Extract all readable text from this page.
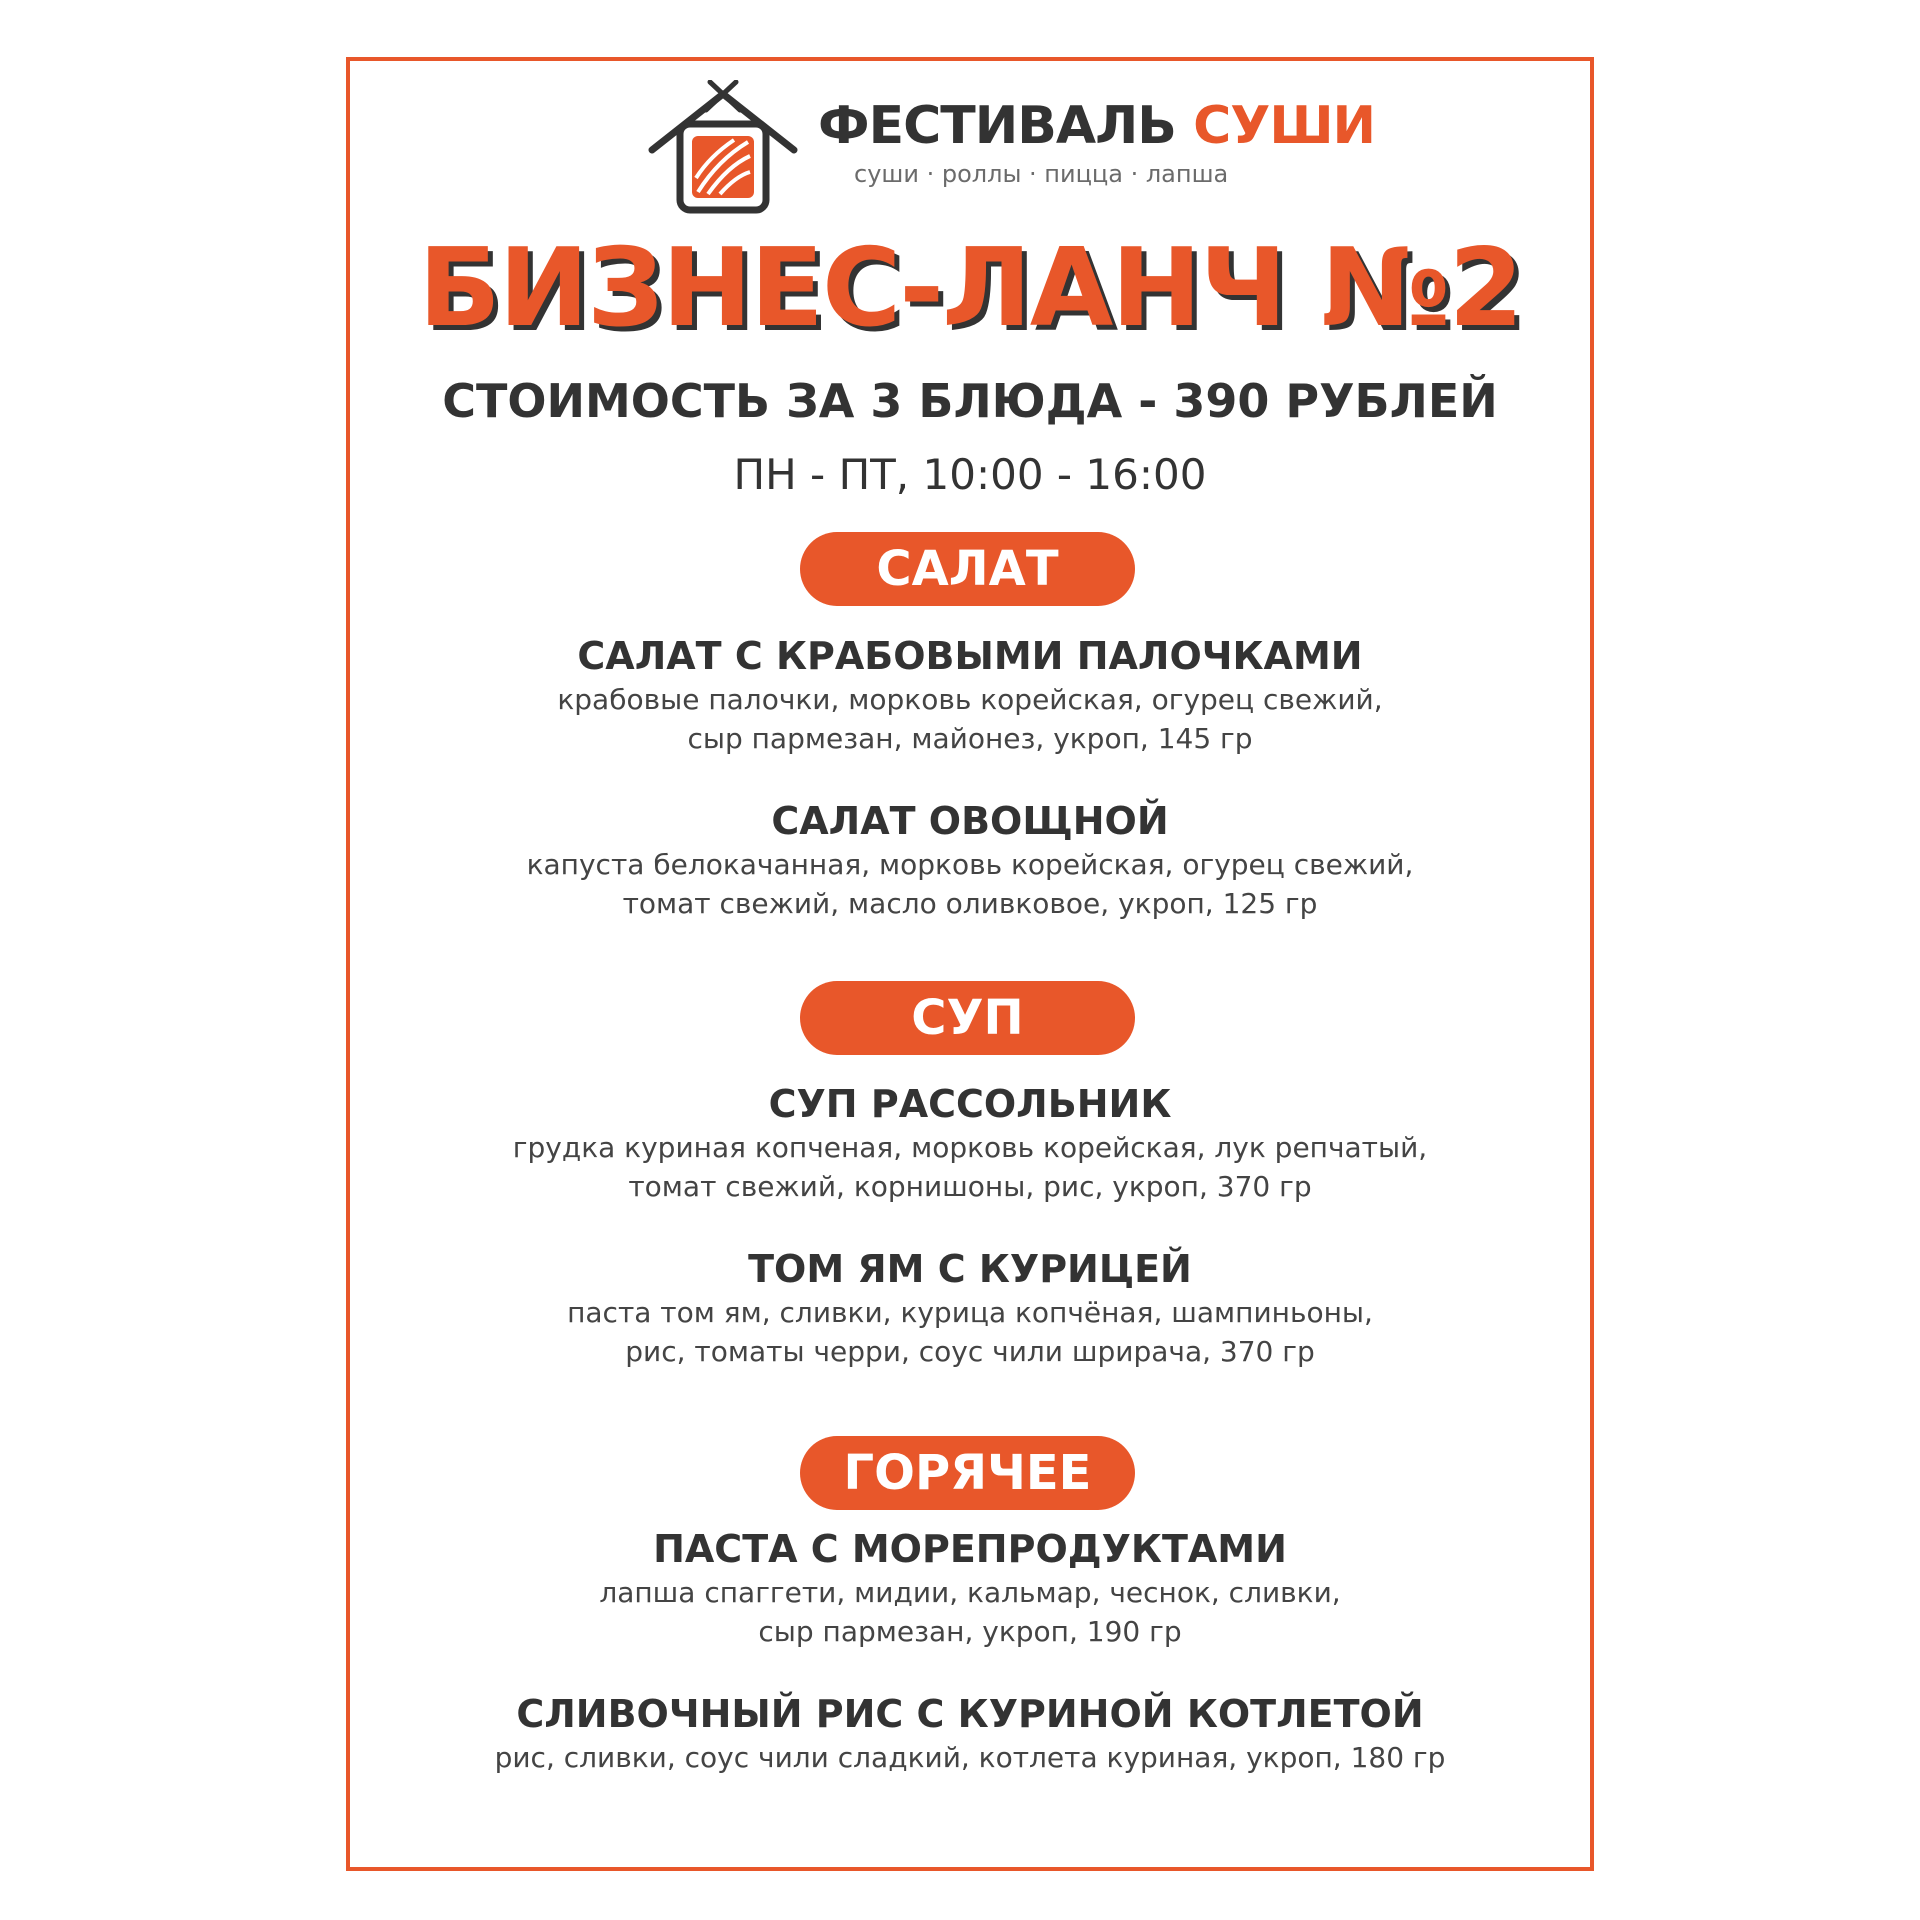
ФЕСТИВАЛЬ СУШИ
суши · роллы · пицца · лапша
БИЗНЕС-ЛАНЧ №2
СТОИМОСТЬ ЗА 3 БЛЮДА - 390 РУБЛЕЙ
ПН - ПТ, 10:00 - 16:00
САЛАТ
САЛАТ С КРАБОВЫМИ ПАЛОЧКАМИ
крабовые палочки, морковь корейская, огурец свежий,
сыр пармезан, майонез, укроп, 145 гр
САЛАТ ОВОЩНОЙ
капуста белокачанная, морковь корейская, огурец свежий,
томат свежий, масло оливковое, укроп, 125 гр
СУП
СУП РАССОЛЬНИК
грудка куриная копченая, морковь корейская, лук репчатый,
томат свежий, корнишоны, рис, укроп, 370 гр
ТОМ ЯМ С КУРИЦЕЙ
паста том ям, сливки, курица копчёная, шампиньоны,
рис, томаты черри, соус чили шрирача, 370 гр
ГОРЯЧЕЕ
ПАСТА С МОРЕПРОДУКТАМИ
лапша спаггети, мидии, кальмар, чеснок, сливки,
сыр пармезан, укроп, 190 гр
СЛИВОЧНЫЙ РИС С КУРИНОЙ КОТЛЕТОЙ
рис, сливки, соус чили сладкий, котлета куриная, укроп, 180 гр
